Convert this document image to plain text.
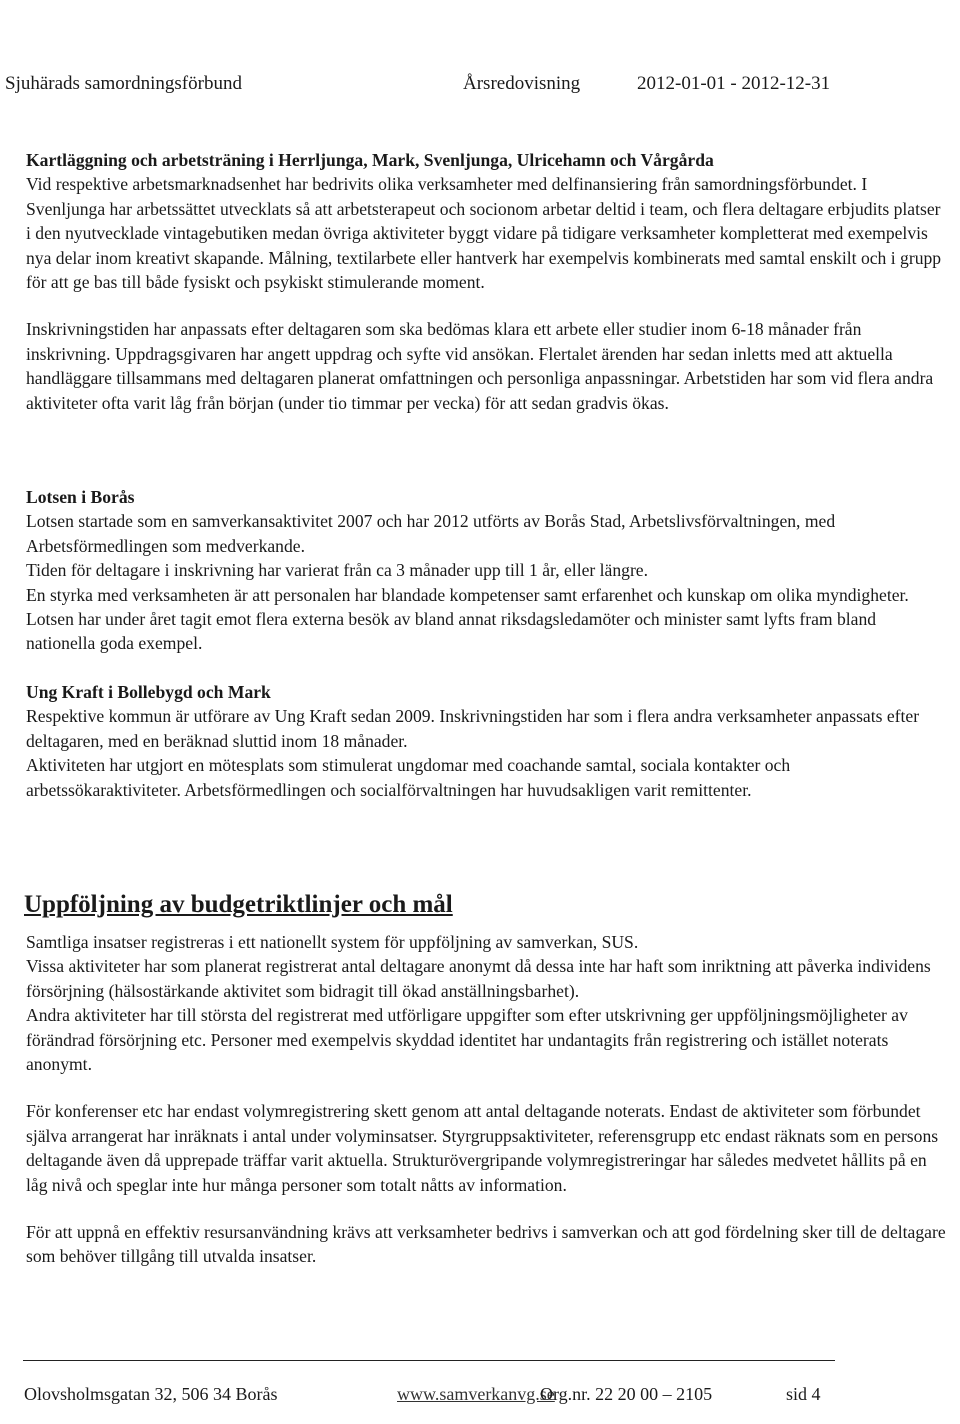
Sjuhärads samordningsförbund	Årsredovisning	2012-01-01 - 2012-12-31

Kartläggning och arbetsträning i Herrljunga, Mark, Svenljunga, Ulricehamn och Vårgårda

Vid respektive arbetsmarknadsenhet har bedrivits olika verksamheter med delfinansiering från samordningsförbundet. I Svenljunga har arbetssättet utvecklats så att arbetsterapeut och socionom arbetar deltid i team, och flera deltagare erbjudits platser i den nyutvecklade vintagebutiken medan övriga aktiviteter byggt vidare på tidigare verksamheter kompletterat med exempelvis nya delar inom kreativt skapande. Målning, textilarbete eller hantverk har exempelvis kombinerats med samtal enskilt och i grupp för att ge bas till både fysiskt och psykiskt stimulerande moment.

Inskrivningstiden har anpassats efter deltagaren som ska bedömas klara ett arbete eller studier inom 6-18 månader från inskrivning. Uppdragsgivaren har angett uppdrag och syfte vid ansökan. Flertalet ärenden har sedan inletts med att aktuella handläggare tillsammans med deltagaren planerat omfattningen och personliga anpassningar. Arbetstiden har som vid flera andra aktiviteter ofta varit låg från början (under tio timmar per vecka) för att sedan gradvis ökas.

Lotsen i Borås

Lotsen startade som en samverkansaktivitet 2007 och har 2012 utförts av Borås Stad, Arbetslivsförvaltningen, med Arbetsförmedlingen som medverkande.

Tiden för deltagare i inskrivning har varierat från ca 3 månader upp till 1 år, eller längre.

En styrka med verksamheten är att personalen har blandade kompetenser samt erfarenhet och kunskap om olika myndigheter. Lotsen har under året tagit emot flera externa besök av bland annat riksdagsledamöter och minister samt lyfts fram bland nationella goda exempel.

Ung Kraft i Bollebygd och Mark

Respektive kommun är utförare av Ung Kraft sedan 2009. Inskrivningstiden har som i flera andra verksamheter anpassats efter deltagaren, med en beräknad sluttid inom 18 månader.

Aktiviteten har utgjort en mötesplats som stimulerat ungdomar med coachande samtal, sociala kontakter och arbetssökaraktiviteter. Arbetsförmedlingen och socialförvaltningen har huvudsakligen varit remittenter.

Uppföljning av budgetriktlinjer och mål

Samtliga insatser registreras i ett nationellt system för uppföljning av samverkan, SUS.

Vissa aktiviteter har som planerat registrerat antal deltagare anonymt då dessa inte har haft som inriktning att påverka individens försörjning (hälsostärkande aktivitet som bidragit till ökad anställningsbarhet).

Andra aktiviteter har till största del registrerat med utförligare uppgifter som efter utskrivning ger uppföljningsmöjligheter av förändrad försörjning etc. Personer med exempelvis skyddad identitet har undantagits från registrering och istället noterats anonymt.

För konferenser etc har endast volymregistrering skett genom att antal deltagande noterats. Endast de aktiviteter som förbundet själva arrangerat har inräknats i antal under volyminsatser. Styrgruppsaktiviteter, referensgrupp etc endast räknats som en persons deltagande även då upprepade träffar varit aktuella. Strukturövergripande volymregistreringar har således medvetet hållits på en låg nivå och speglar inte hur många personer som totalt nåtts av information.

För att uppnå en effektiv resursanvändning krävs att verksamheter bedrivs i samverkan och att god fördelning sker till de deltagare som behöver tillgång till utvalda insatser.

Olovsholmsgatan 32, 506 34 Borås	www.samverkanvg.se
Org.nr. 22 20 00 – 2105	sid 4
